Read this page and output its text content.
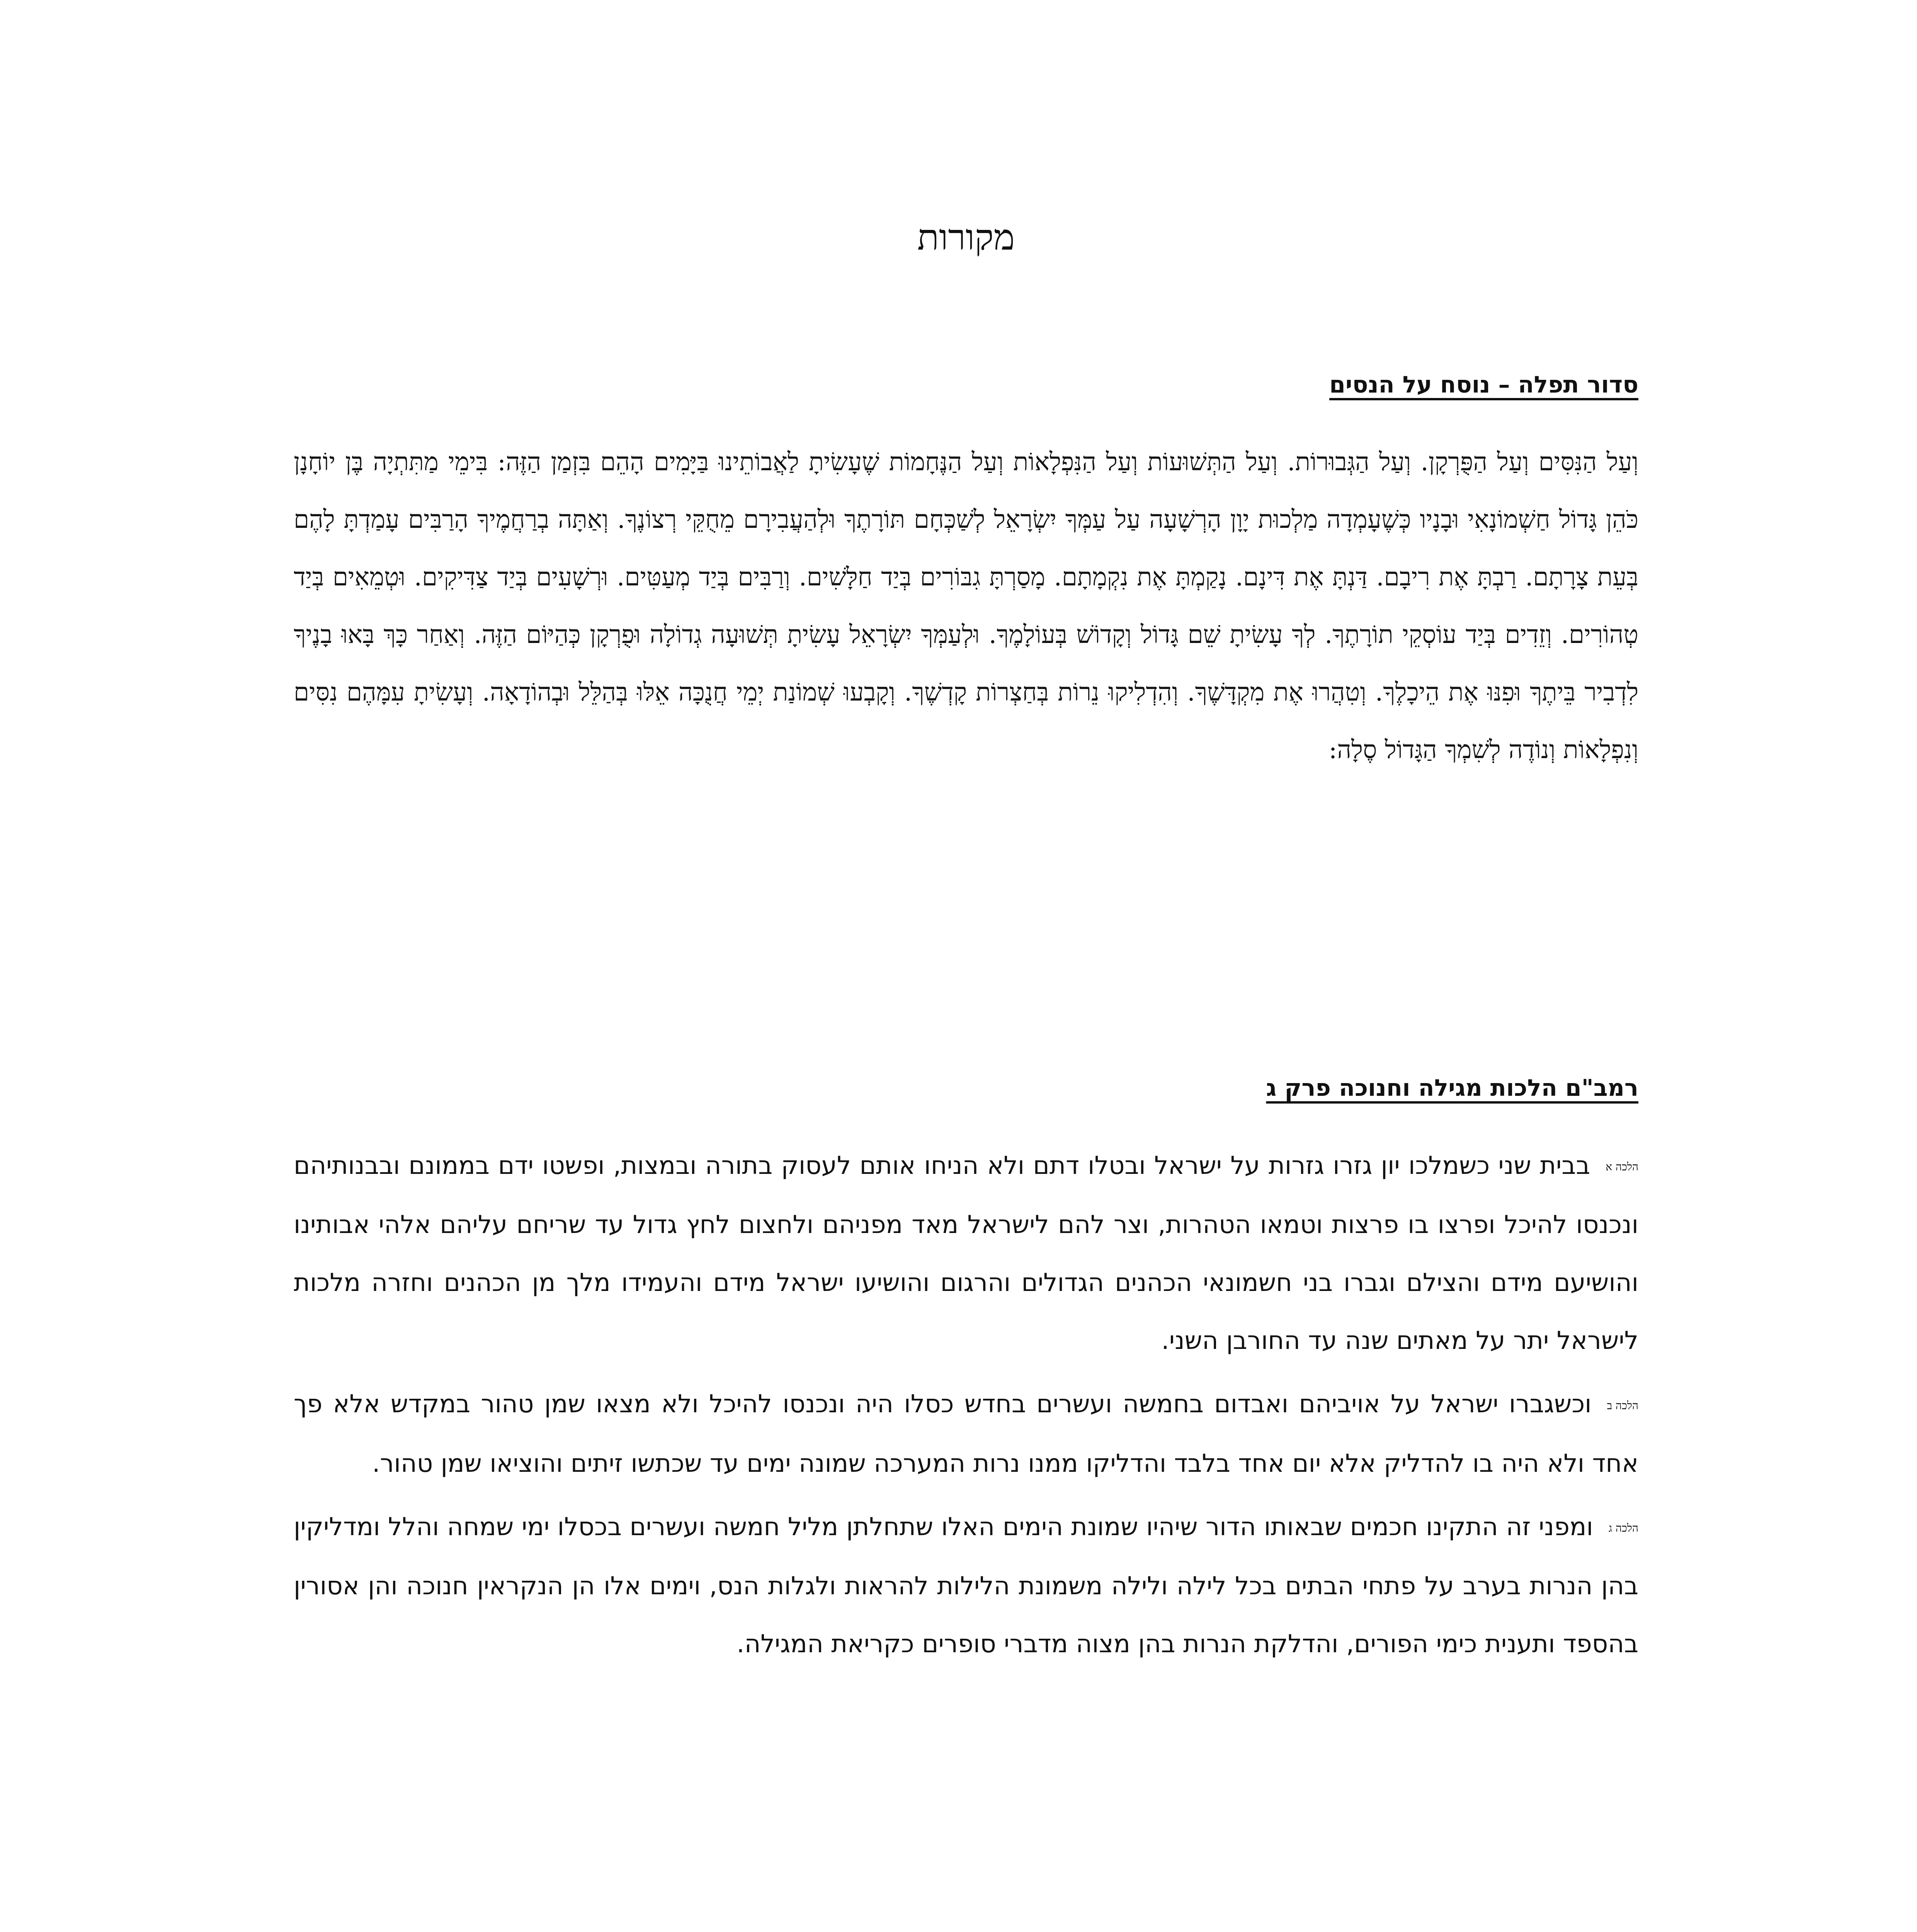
מקורות
סדור תפלה – נוסח על הנסים

וְעַל הַנִּסִּים וְעַל הַפֻּרְקָן. וְעַל הַגְּבוּרוֹת. וְעַל הַתְּשׁוּעוֹת וְעַל הַנִּפְלָאוֹת וְעַל הַנֶּחָמוֹת שֶׁעָשִׂיתָ לַאֲבוֹתֵינוּ בַּיָּמִים הָהֵם בִּזְמַן הַזֶּה: בִּימֵי מַתִּתְיָה בֶּן יוֹחָנָן כֹּהֵן גָּדוֹל חַשְׁמוֹנָאִי וּבָנָיו כְּשֶׁעָמְדָה מַלְכוּת יָוָן הָרְשָׁעָה עַל עַמְּךָ יִשְׂרָאֵל לְשַׁכְּחָם תּוֹרָתֶךָ וּלְהַעֲבִירָם מֵחֻקֵּי רְצוֹנֶךָ. וְאַתָּה בְרַחֲמֶיךָ הָרַבִּים עָמַדְתָּ לָהֶם בְּעֵת צָרָתָם. רַבְתָּ אֶת רִיבָם. דַּנְתָּ אֶת דִּינָם. נָקַמְתָּ אֶת נִקְמָתָם. מָסַרְתָּ גִבּוֹרִים בְּיַד חַלָּשִׁים. וְרַבִּים בְּיַד מְעַטִּים. וּרְשָׁעִים בְּיַד צַדִּיקִים. וּטְמֵאִים בְּיַד טְהוֹרִים. וְזֵדִים בְּיַד עוֹסְקֵי תוֹרָתֶךָ. לְךָ עָשִׂיתָ שֵׁם גָּדוֹל וְקָדוֹשׁ בְּעוֹלָמֶךָ. וּלְעַמְּךָ יִשְׂרָאֵל עָשִׂיתָ תְּשׁוּעָה גְדוֹלָה וּפֻרְקָן כְּהַיּוֹם הַזֶּה. וְאַחַר כָּךְ בָּאוּ בָנֶיךָ לִדְבִיר בֵּיתֶךָ וּפִנּוּ אֶת הֵיכָלֶךָ. וְטִהֲרוּ אֶת מִקְדָּשֶׁךָ. וְהִדְלִיקוּ נֵרוֹת בְּחַצְרוֹת קָדְשֶׁךָ. וְקָבְעוּ שְׁמוֹנַת יְמֵי חֲנֻכָּה אֵלּוּ בְּהַלֵּל וּבְהוֹדָאָה. וְעָשִׂיתָ עִמָּהֶם נִסִּים וְנִפְלָאוֹת וְנוֹדֶה לְשִׁמְךָ הַגָּדוֹל סֶלָה:

רמב"ם הלכות מגילה וחנוכה פרק ג

הלכה אבבית שני כשמלכו יון גזרו גזרות על ישראל ובטלו דתם ולא הניחו אותם לעסוק בתורה ובמצות, ופשטו ידם בממונם ובבנותיהם ונכנסו להיכל ופרצו בו פרצות וטמאו הטהרות, וצר להם לישראל מאד מפניהם ולחצום לחץ גדול עד שריחם עליהם אלהי אבותינו והושיעם מידם והצילם וגברו בני חשמונאי הכהנים הגדולים והרגום והושיעו ישראל מידם והעמידו מלך מן הכהנים וחזרה מלכות לישראל יתר על מאתים שנה עד החורבן השני.

הלכה בוכשגברו ישראל על אויביהם ואבדום בחמשה ועשרים בחדש כסלו היה ונכנסו להיכל ולא מצאו שמן טהור במקדש אלא פך אחד ולא היה בו להדליק אלא יום אחד בלבד והדליקו ממנו נרות המערכה שמונה ימים עד שכתשו זיתים והוציאו שמן טהור.

הלכה גומפני זה התקינו חכמים שבאותו הדור שיהיו שמונת הימים האלו שתחלתן מליל חמשה ועשרים בכסלו ימי שמחה והלל ומדליקין בהן הנרות בערב על פתחי הבתים בכל לילה ולילה משמונת הלילות להראות ולגלות הנס, וימים אלו הן הנקראין חנוכה והן אסורין בהספד ותענית כימי הפורים, והדלקת הנרות בהן מצוה מדברי סופרים כקריאת המגילה.
